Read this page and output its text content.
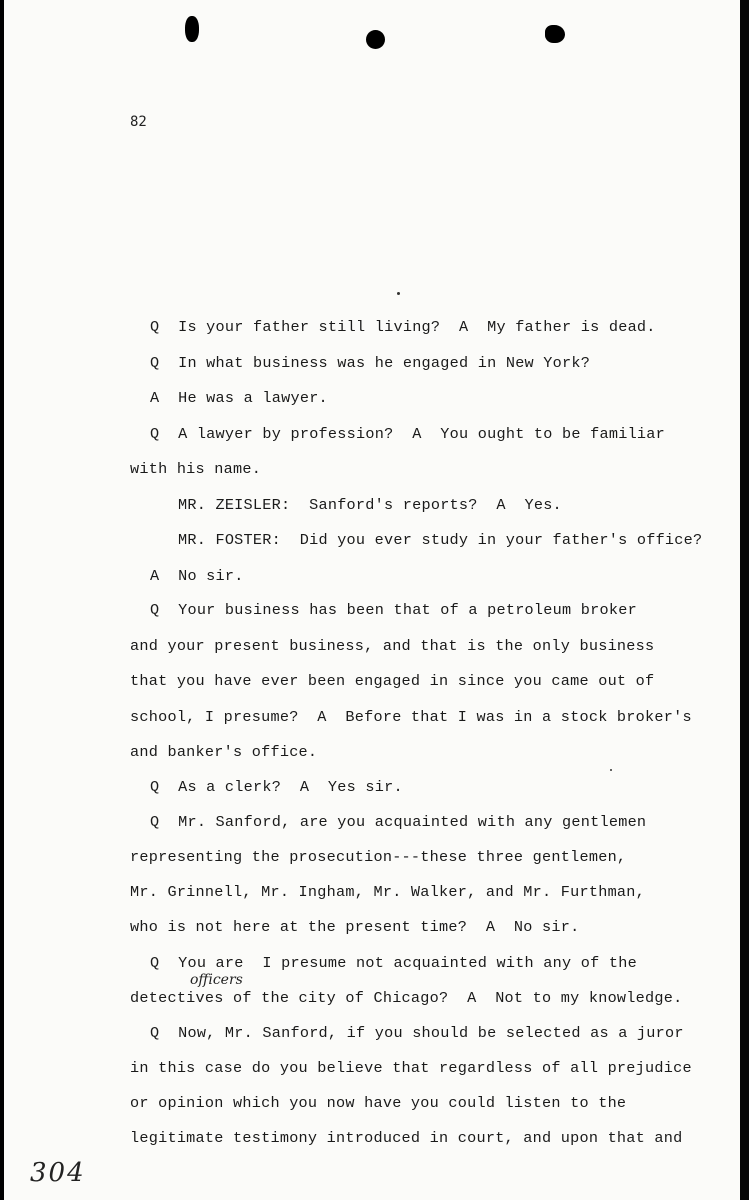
82
Q  Is your father still living?  A  My father is dead.
Q  In what business was he engaged in New York?
A  He was a lawyer.
Q  A lawyer by profession?  A  You ought to be familiar
with his name.
MR. ZEISLER:  Sanford's reports?  A  Yes.
MR. FOSTER:  Did you ever study in your father's office?
A  No sir.
Q  Your business has been that of a petroleum broker
and your present business, and that is the only business
that you have ever been engaged in since you came out of
school, I presume?  A  Before that I was in a stock broker's
and banker's office.
Q  As a clerk?  A  Yes sir.
Q  Mr. Sanford, are you acquainted with any gentlemen
representing the prosecution---these three gentlemen,
Mr. Grinnell, Mr. Ingham, Mr. Walker, and Mr. Furthman,
who is not here at the present time?  A  No sir.
Q  You are  I presume not acquainted with any of the
officers
detectives of the city of Chicago?  A  Not to my knowledge.
Q  Now, Mr. Sanford, if you should be selected as a juror
in this case do you believe that regardless of all prejudice
or opinion which you now have you could listen to the
legitimate testimony introduced in court, and upon that and
304
